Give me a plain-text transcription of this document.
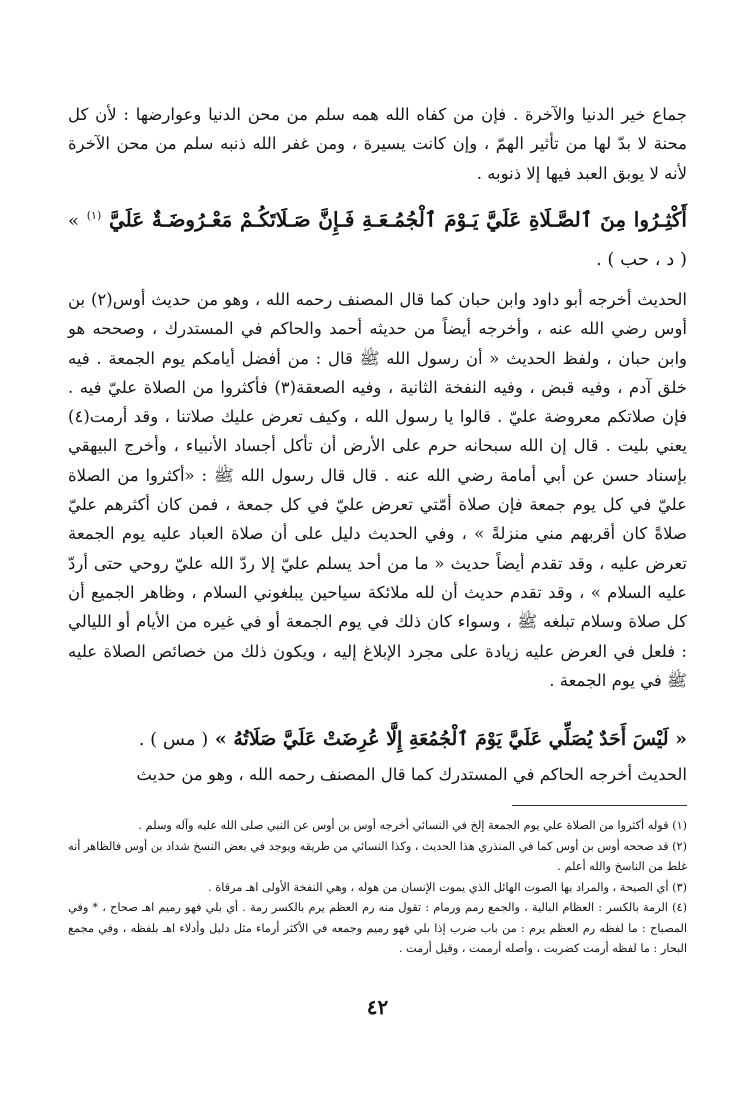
جماع خير الدنيا والآخرة . فإن من كفاه الله همه سلم من محن الدنيا وعوارضها : لأن كل محنة لا بدّ لها من تأثير الهمّ ، وإن كانت يسيرة ، ومن غفر الله ذنبه سلم من محن الآخرة لأنه لا يوبق العبد فيها إلا ذنوبه .

أَكْثِـرُوا مِنَ ٱلصَّـلَاةِ عَلَيَّ يَـوْمَ ٱلْجُمُـعَـةِ فَـإِنَّ صَـلَاتَكُـمْ مَعْـرُوضَـةٌ عَلَيَّ $^{(١)}$ » ( د ، حب ) .

الحديث أخرجه أبو داود وابن حبان كما قال المصنف رحمه الله ، وهو من حديث أوس(٢) بن أوس رضي الله عنه ، وأخرجه أيضاً من حديثه أحمد والحاكم في المستدرك ، وصححه هو وابن حبان ، ولفظ الحديث « أن رسول الله ﷺ قال : من أفضل أيامكم يوم الجمعة . فيه خلق آدم ، وفيه قبض ، وفيه النفخة الثانية ، وفيه الصعقة(٣) فأكثروا من الصلاة عليّ فيه . فإن صلاتكم معروضة عليّ . قالوا يا رسول الله ، وكيف تعرض عليك صلاتنا ، وقد أرمت(٤) يعني بليت . قال إن الله سبحانه حرم على الأرض أن تأكل أجساد الأنبياء ، وأخرج البيهقي بإسناد حسن عن أبي أمامة رضي الله عنه . قال قال رسول الله ﷺ : «أكثروا من الصلاة عليّ في كل يوم جمعة فإن صلاة أمّتي تعرض عليّ في كل جمعة ، فمن كان أكثرهم عليّ صلاةً كان أقربهم مني منزلةً » ، وفي الحديث دليل على أن صلاة العباد عليه يوم الجمعة تعرض عليه ، وقد تقدم أيضاً حديث « ما من أحد يسلم عليّ إلا ردّ الله عليّ روحي حتى أردّ عليه السلام » ، وقد تقدم حديث أن لله ملائكة سياحين يبلغوني السلام ، وظاهر الجميع أن كل صلاة وسلام تبلغه ﷺ ، وسواء كان ذلك في يوم الجمعة أو في غيره من الأيام أو الليالي : فلعل في العرض عليه زيادة على مجرد الإبلاغ إليه ، ويكون ذلك من خصائص الصلاة عليه ﷺ في يوم الجمعة .

« لَيْسَ أَحَدٌ يُصَلِّي عَلَيَّ يَوْمَ ٱلْجُمُعَةِ إِلَّا عُرِضَتْ عَلَيَّ صَلَاتُهُ » ( مس ) .

الحديث أخرجه الحاكم في المستدرك كما قال المصنف رحمه الله ، وهو من حديث

(١) قوله أكثروا من الصلاة علي يوم الجمعة إلخ في النسائي أخرجه أوس بن أوس عن النبي صلى الله عليه وآله وسلم .

(٢) قد صححه أوس بن أوس كما في المنذري هذا الحديث ، وكذا النسائي من طريقه ويوجد في بعض النسخ شداد بن أوس فالظاهر أنه غلط من الناسخ والله أعلم .

(٣) أي الصيحة ، والمراد بها الصوت الهائل الذي يموت الإنسان من هوله ، وهي النفخة الأولى اهـ مرقاة .

(٤) الرمة بالكسر : العظام البالية ، والجمع رمم ورمام : تقول منه رم العظم يرم بالكسر رمة . أي بلي فهو رميم اهـ صحاح ، * وفي المصباح : ما لفظه رم العظم يرم : من باب ضرب إذا بلي فهو رميم وجمعه في الأكثر أرماء مثل دليل وأدلاء اهـ بلفظه ، وفي مجمع البحار : ما لفظه أرمت كضربت ، وأصله أرممت ، وقيل أرمت .

٤٢
